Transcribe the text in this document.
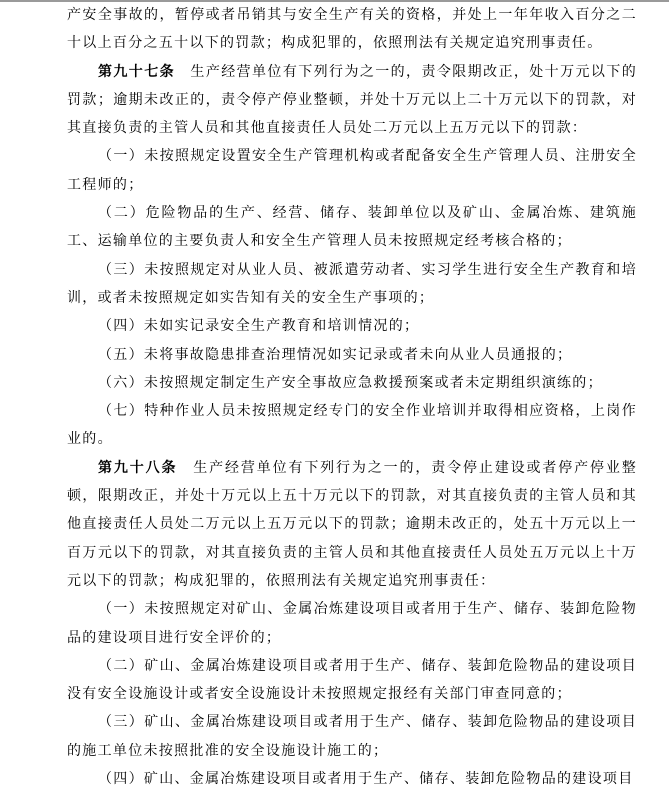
产安全事故的，暂停或者吊销其与安全生产有关的资格，并处上一年年收入百分之二十以上百分之五十以下的罚款；构成犯罪的，依照刑法有关规定追究刑事责任。

第九十七条　生产经营单位有下列行为之一的，责令限期改正，处十万元以下的罚款；逾期未改正的，责令停产停业整顿，并处十万元以上二十万元以下的罚款，对其直接负责的主管人员和其他直接责任人员处二万元以上五万元以下的罚款：

（一）未按照规定设置安全生产管理机构或者配备安全生产管理人员、注册安全工程师的；

（二）危险物品的生产、经营、储存、装卸单位以及矿山、金属冶炼、建筑施工、运输单位的主要负责人和安全生产管理人员未按照规定经考核合格的；

（三）未按照规定对从业人员、被派遣劳动者、实习学生进行安全生产教育和培训，或者未按照规定如实告知有关的安全生产事项的；

（四）未如实记录安全生产教育和培训情况的；

（五）未将事故隐患排查治理情况如实记录或者未向从业人员通报的；

（六）未按照规定制定生产安全事故应急救援预案或者未定期组织演练的；

（七）特种作业人员未按照规定经专门的安全作业培训并取得相应资格，上岗作业的。

第九十八条　生产经营单位有下列行为之一的，责令停止建设或者停产停业整顿，限期改正，并处十万元以上五十万元以下的罚款，对其直接负责的主管人员和其他直接责任人员处二万元以上五万元以下的罚款；逾期未改正的，处五十万元以上一百万元以下的罚款，对其直接负责的主管人员和其他直接责任人员处五万元以上十万元以下的罚款；构成犯罪的，依照刑法有关规定追究刑事责任：

（一）未按照规定对矿山、金属冶炼建设项目或者用于生产、储存、装卸危险物品的建设项目进行安全评价的；

（二）矿山、金属冶炼建设项目或者用于生产、储存、装卸危险物品的建设项目没有安全设施设计或者安全设施设计未按照规定报经有关部门审查同意的；

（三）矿山、金属冶炼建设项目或者用于生产、储存、装卸危险物品的建设项目的施工单位未按照批准的安全设施设计施工的；

（四）矿山、金属冶炼建设项目或者用于生产、储存、装卸危险物品的建设项目
